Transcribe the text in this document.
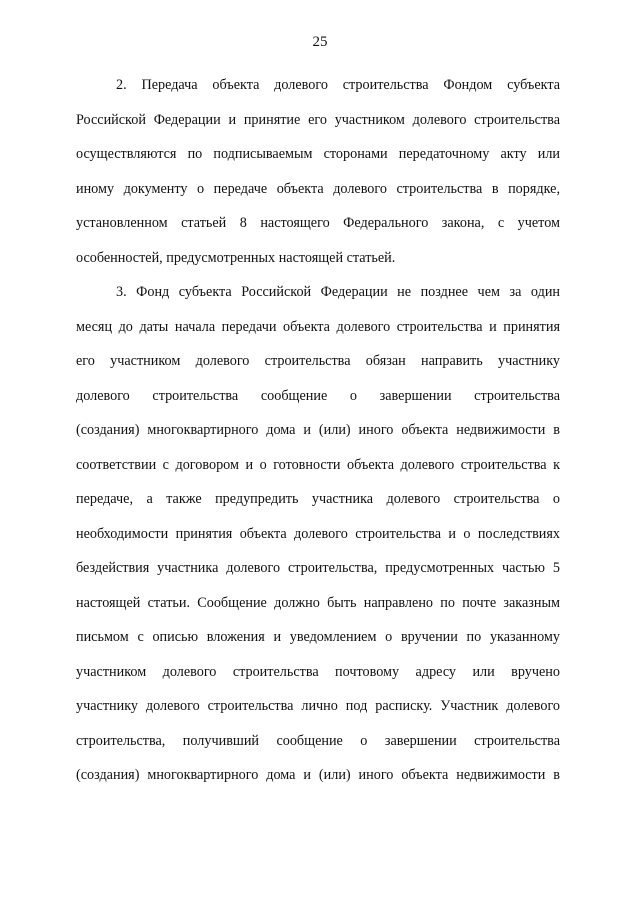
25
2. Передача объекта долевого строительства Фондом субъекта
Российской Федерации и принятие его участником долевого строительства
осуществляются по подписываемым сторонами передаточному акту или
иному документу о передаче объекта долевого строительства в порядке,
установленном статьей 8 настоящего Федерального закона, с учетом
особенностей, предусмотренных настоящей статьей.
3. Фонд субъекта Российской Федерации не позднее чем за один
месяц до даты начала передачи объекта долевого строительства и принятия
его участником долевого строительства обязан направить участнику
долевого строительства сообщение о завершении строительства
(создания) многоквартирного дома и (или) иного объекта недвижимости в
соответствии с договором и о готовности объекта долевого строительства к
передаче, а также предупредить участника долевого строительства о
необходимости принятия объекта долевого строительства и о последствиях
бездействия участника долевого строительства, предусмотренных частью 5
настоящей статьи. Сообщение должно быть направлено по почте заказным
письмом с описью вложения и уведомлением о вручении по указанному
участником долевого строительства почтовому адресу или вручено
участнику долевого строительства лично под расписку. Участник долевого
строительства, получивший сообщение о завершении строительства
(создания) многоквартирного дома и (или) иного объекта недвижимости в
